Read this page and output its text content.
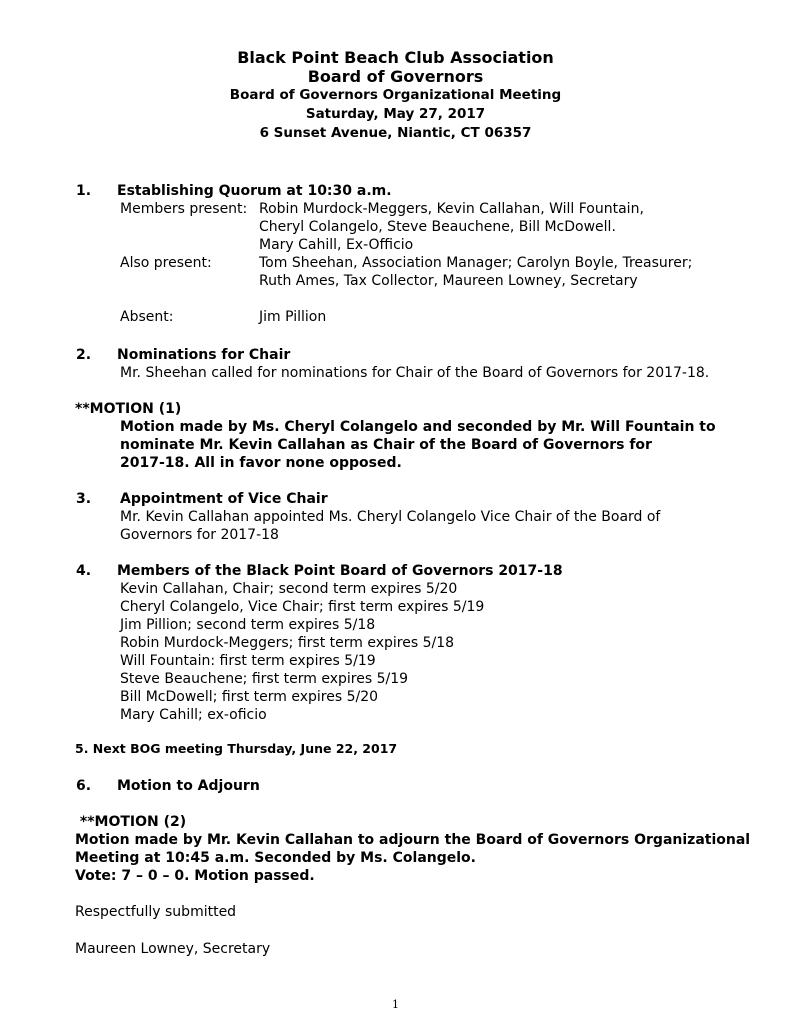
Black Point Beach Club Association
Board of Governors
Board of Governors Organizational Meeting
Saturday, May 27, 2017
6 Sunset Avenue, Niantic, CT 06357
1. Establishing Quorum at 10:30 a.m.
Members present: Robin Murdock-Meggers, Kevin Callahan, Will Fountain,
Cheryl Colangelo, Steve Beauchene, Bill McDowell.
Mary Cahill, Ex-Officio
Also present:	Tom Sheehan, Association Manager; Carolyn Boyle, Treasurer;
Ruth Ames, Tax Collector, Maureen Lowney, Secretary
Absent:	Jim Pillion
2. Nominations for Chair
Mr. Sheehan called for nominations for Chair of the Board of Governors for 2017-18.
**MOTION (1)
Motion made by Ms. Cheryl Colangelo and seconded by Mr. Will Fountain to
nominate Mr. Kevin Callahan as Chair of the Board of Governors for
2017-18. All in favor none opposed.
3. Appointment of Vice Chair
Mr. Kevin Callahan appointed Ms. Cheryl Colangelo Vice Chair of the Board of
Governors for 2017-18
4. Members of the Black Point Board of Governors 2017-18
Kevin Callahan, Chair; second term expires 5/20
Cheryl Colangelo, Vice Chair; first term expires 5/19
Jim Pillion; second term expires 5/18
Robin Murdock-Meggers; first term expires 5/18
Will Fountain: first term expires 5/19
Steve Beauchene; first term expires 5/19
Bill McDowell; first term expires 5/20
Mary Cahill; ex-oficio
5. Next BOG meeting Thursday, June 22, 2017
6. Motion to Adjourn
**MOTION (2)
Motion made by Mr. Kevin Callahan to adjourn the Board of Governors Organizational
Meeting at 10:45 a.m. Seconded by Ms. Colangelo.
Vote: 7 – 0 – 0. Motion passed.
Respectfully submitted
Maureen Lowney, Secretary
1
